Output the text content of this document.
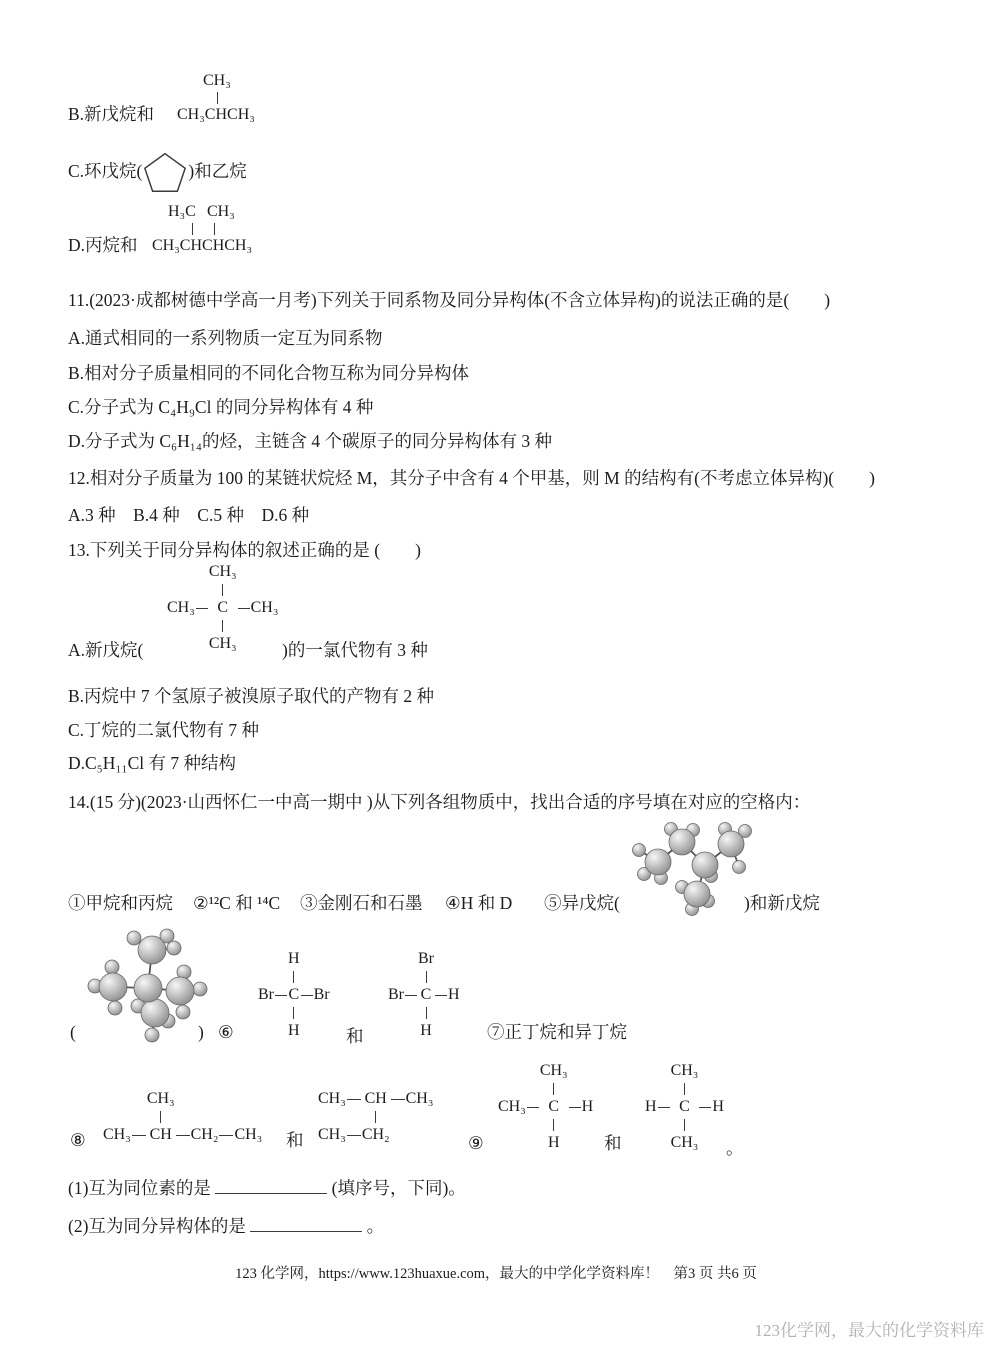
CH₃
CH₃CHCH₃
B.新戊烷和
C.环戊烷(	)和乙烷
H₃C CH₃
CH₃CHCHCH₃
D.丙烷和
11.(2023·成都树德中学高一月考)下列关于同系物及同分异构体(不含立体异构)的说法正确的是(　　)
A.通式相同的一系列物质一定互为同系物
B.相对分子质量相同的不同化合物互称为同分异构体
C.分子式为 C₄H₉Cl 的同分异构体有 4 种
D.分子式为 C₆H₁₄的烃，主链含 4 个碳原子的同分异构体有 3 种
12.相对分子质量为 100 的某链状烷烃 M，其分子中含有 4 个甲基，则 M 的结构有(不考虑立体异构)(　　)
A.3 种　B.4 种　C.5 种　D.6 种
13.下列关于同分异构体的叙述正确的是 (　　)
CH₃
CH₃ C CH₃
CH₃
A.新戊烷(	)的一氯代物有 3 种
B.丙烷中 7 个氢原子被溴原子取代的产物有 2 种
C.丁烷的二氯代物有 7 种
D.C₅H₁₁Cl 有 7 种结构
14.(15 分)(2023·山西怀仁一中高一期中 )从下列各组物质中，找出合适的序号填在对应的空格内：
①甲烷和丙烷 ②¹²C 和 ¹⁴C ③金刚石和石墨 ④H 和 D ⑤异戊烷(	)和新戊烷
(	) ⑥
H
Br C Br
H	和
Br
Br C H
H	⑦正丁烷和异丁烷
⑧
CH₃
CH₃ CH CH₂ CH₃ 和
CH₃ CH CH₃
CH₃ CH₂	⑨
CH₃
CH₃ C H
H	和
CH₃
H C H
CH₃ 。
(1)互为同位素的是	(填序号，下同)。
(2)互为同分异构体的是	。
123 化学网，https://www.123huaxue.com，最大的中学化学资料库！　第3 页 共6 页
123化学网，最大的化学资料库
